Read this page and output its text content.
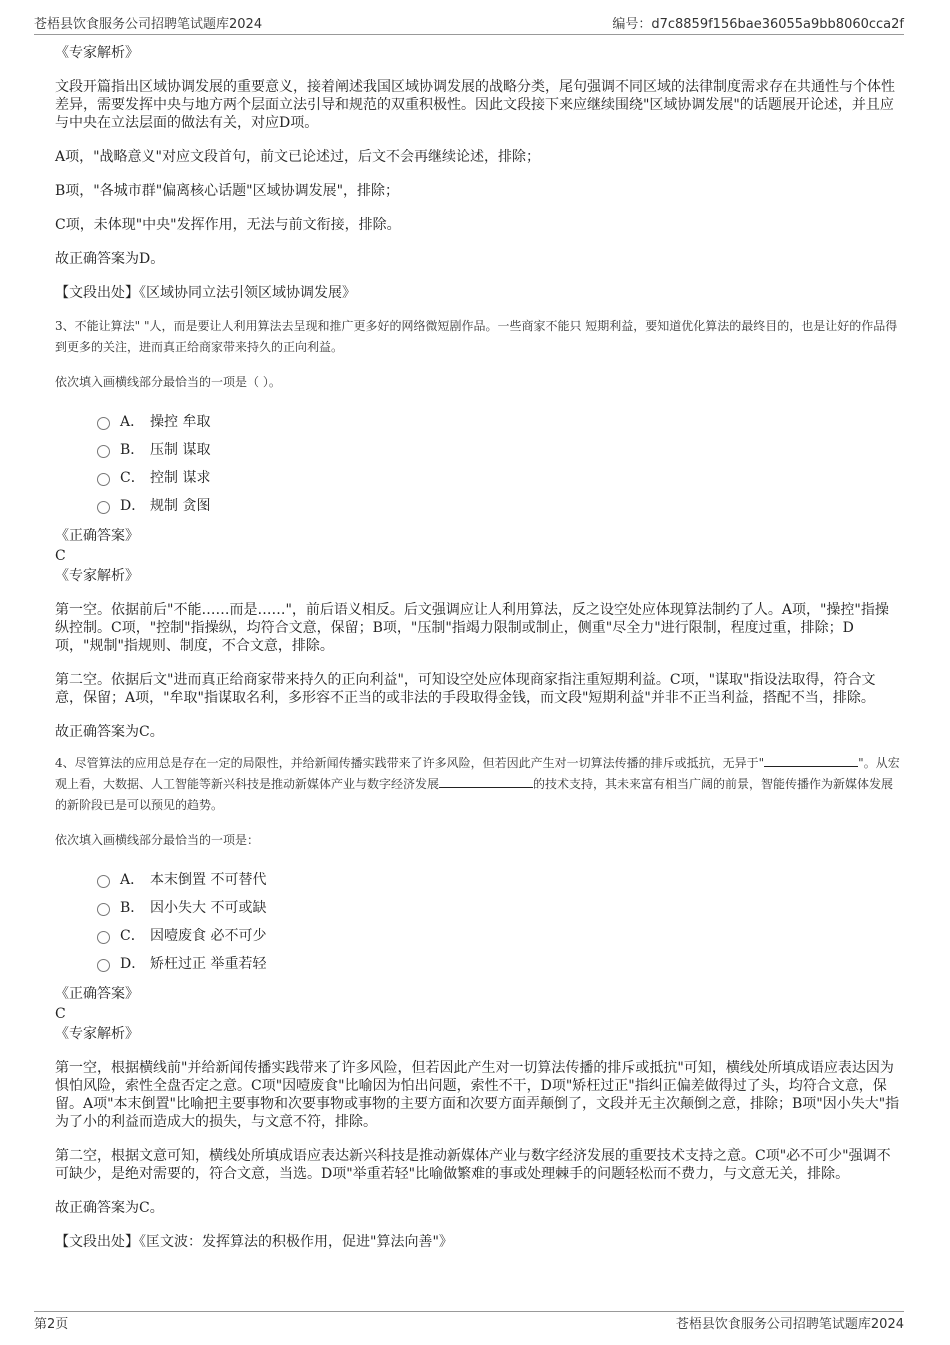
苍梧县饮食服务公司招聘笔试题库2024	编号：d7c8859f156bae36055a9bb8060cca2f

《专家解析》

文段开篇指出区域协调发展的重要意义，接着阐述我国区域协调发展的战略分类，尾句强调不同区域的法律制度需求存在共通性与个体性差异，需要发挥中央与地方两个层面立法引导和规范的双重积极性。因此文段接下来应继续围绕"区域协调发展"的话题展开论述，并且应与中央在立法层面的做法有关，对应D项。

A项，"战略意义"对应文段首句，前文已论述过，后文不会再继续论述，排除；

B项，"各城市群"偏离核心话题"区域协调发展"，排除；

C项，未体现"中央"发挥作用，无法与前文衔接，排除。

故正确答案为D。

【文段出处】《区域协同立法引领区域协调发展》

3、不能让算法" "人，而是要让人利用算法去呈现和推广更多好的网络微短剧作品。一些商家不能只 短期利益，要知道优化算法的最终目的，也是让好的作品得到更多的关注，进而真正给商家带来持久的正向利益。

依次填入画横线部分最恰当的一项是（ ）。

A． 操控 牟取
B． 压制 谋取
C． 控制 谋求
D． 规制 贪图

《正确答案》

C

《专家解析》

第一空。依据前后"不能……而是……"，前后语义相反。后文强调应让人利用算法，反之设空处应体现算法制约了人。A项，"操控"指操纵控制。C项，"控制"指操纵，均符合文意，保留；B项，"压制"指竭力限制或制止，侧重"尽全力"进行限制，程度过重，排除；D项，"规制"指规则、制度，不合文意，排除。

第二空。依据后文"进而真正给商家带来持久的正向利益"，可知设空处应体现商家指注重短期利益。C项，"谋取"指设法取得，符合文意，保留；A项，"牟取"指谋取名利，多形容不正当的或非法的手段取得金钱，而文段"短期利益"并非不正当利益，搭配不当，排除。

故正确答案为C。

4、尽管算法的应用总是存在一定的局限性，并给新闻传播实践带来了许多风险，但若因此产生对一切算法传播的排斥或抵抗，无异于"	"。从宏观上看，大数据、人工智能等新兴科技是推动新媒体产业与数字经济发展	的技术支持，其未来富有相当广阔的前景，智能传播作为新媒体发展的新阶段已是可以预见的趋势。

依次填入画横线部分最恰当的一项是：

A． 本末倒置 不可替代
B． 因小失大 不可或缺
C． 因噎废食 必不可少
D． 矫枉过正 举重若轻

《正确答案》

C

《专家解析》

第一空，根据横线前"并给新闻传播实践带来了许多风险，但若因此产生对一切算法传播的排斥或抵抗"可知，横线处所填成语应表达因为惧怕风险，索性全盘否定之意。C项"因噎废食"比喻因为怕出问题，索性不干，D项"矫枉过正"指纠正偏差做得过了头，均符合文意，保留。A项"本末倒置"比喻把主要事物和次要事物或事物的主要方面和次要方面弄颠倒了，文段并无主次颠倒之意，排除；B项"因小失大"指为了小的利益而造成大的损失，与文意不符，排除。

第二空，根据文意可知，横线处所填成语应表达新兴科技是推动新媒体产业与数字经济发展的重要技术支持之意。C项"必不可少"强调不可缺少，是绝对需要的，符合文意，当选。D项"举重若轻"比喻做繁难的事或处理棘手的问题轻松而不费力，与文意无关，排除。

故正确答案为C。

【文段出处】《匡文波：发挥算法的积极作用，促进"算法向善"》

第2页	苍梧县饮食服务公司招聘笔试题库2024
